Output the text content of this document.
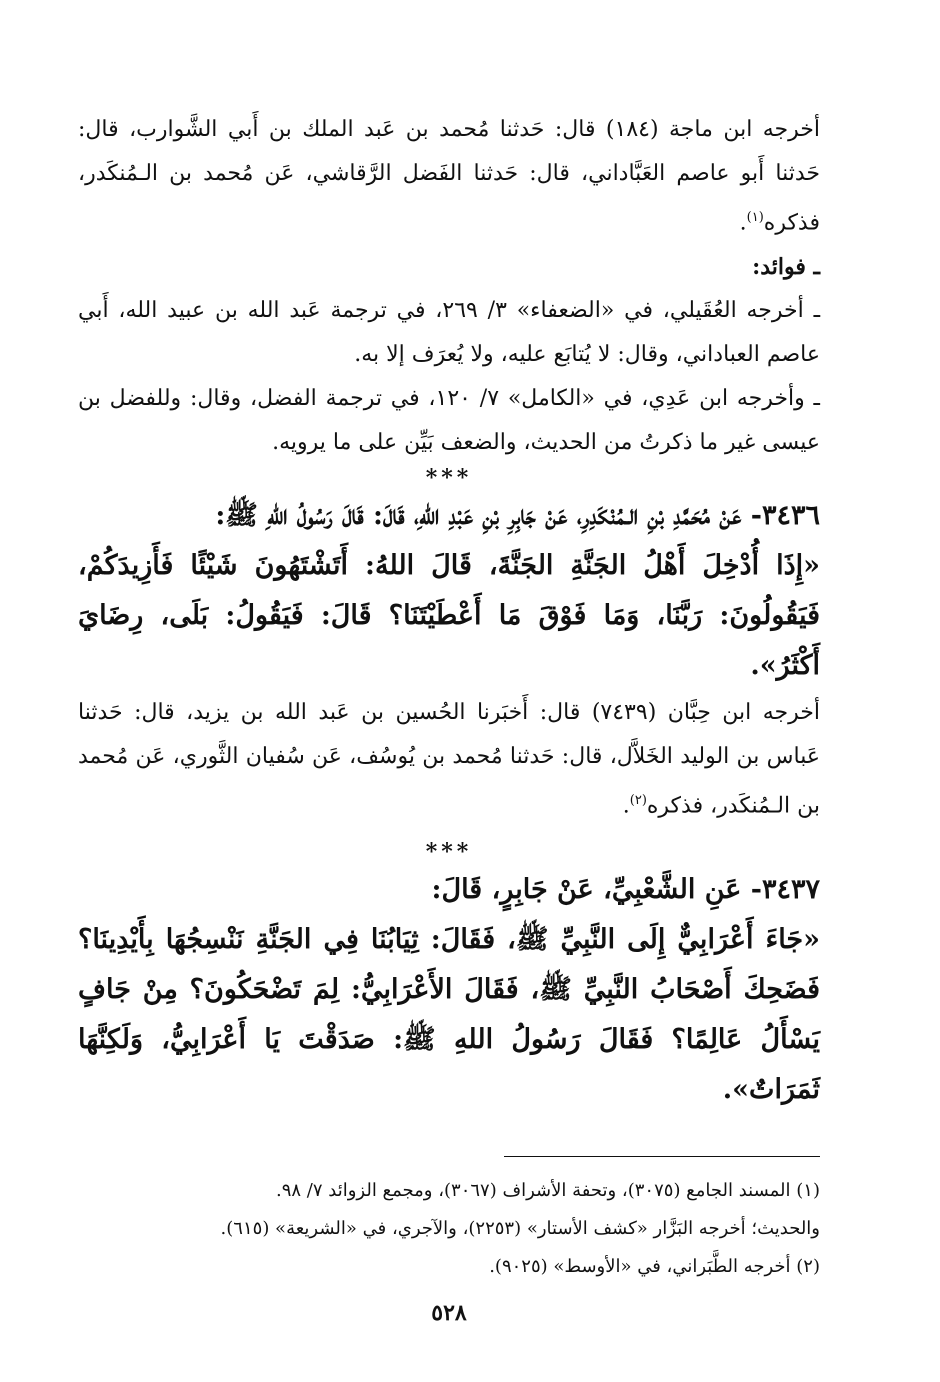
أخرجه ابن ماجة (١٨٤) قال: حَدثنا مُحمد بن عَبد الملك بن أَبي الشَّوارب، قال: حَدثنا أَبو عاصم العَبَّاداني، قال: حَدثنا الفَضل الرَّقاشي، عَن مُحمد بن الـمُنكَدر، فذكره$^{(١)}$.

ـ فوائد:

ـ أخرجه العُقَيلي، في «الضعفاء» ٣/ ٢٦٩، في ترجمة عَبد الله بن عبيد الله، أَبي عاصم العباداني، وقال: لا يُتابَع عليه، ولا يُعرَف إلا به.

ـ وأخرجه ابن عَدِي، في «الكامل» ٧/ ١٢٠، في ترجمة الفضل، وقال: وللفضل بن عيسى غير ما ذكرتُ من الحديث، والضعف بَيِّن على ما يرويه.

***

٣٤٣٦- عَنْ مُحَمَّدِ بْنِ الـمُنْكَدِرِ، عَنْ جَابِرِ بْنِ عَبْدِ اللهِ، قَالَ: قَالَ رَسُولُ اللهِ ﷺ:

«إِذَا أُدْخِلَ أَهْلُ الجَنَّةِ الجَنَّةَ، قَالَ اللهُ: أَتَشْتَهُونَ شَيْئًا فَأَزِيدَكُمْ، فَيَقُولُونَ: رَبَّنَا، وَمَا فَوْقَ مَا أَعْطَيْتَنَا؟ قَالَ: فَيَقُولُ: بَلَى، رِضَايَ أَكْثَرُ».

أخرجه ابن حِبَّان (٧٤٣٩) قال: أَخبَرنا الحُسين بن عَبد الله بن يزيد، قال: حَدثنا عَباس بن الوليد الخَلاَّل، قال: حَدثنا مُحمد بن يُوسُف، عَن سُفيان الثَّوري، عَن مُحمد بن الـمُنكَدر، فذكره$^{(٢)}$.

***

٣٤٣٧- عَنِ الشَّعْبِيِّ، عَنْ جَابِرٍ، قَالَ:

«جَاءَ أَعْرَابِيٌّ إِلَى النَّبِيِّ ﷺ، فَقَالَ: ثِيَابُنَا فِي الجَنَّةِ نَنْسِجُهَا بِأَيْدِينَا؟ فَضَحِكَ أَصْحَابُ النَّبِيِّ ﷺ، فَقَالَ الأَعْرَابِيُّ: لِمَ تَضْحَكُونَ؟ مِنْ جَافٍ يَسْأَلُ عَالِمًا؟ فَقَالَ رَسُولُ اللهِ ﷺ: صَدَقْتَ يَا أَعْرَابِيُّ، وَلَكِنَّهَا ثَمَرَاتٌ».

(١) المسند الجامع (٣٠٧٥)، وتحفة الأشراف (٣٠٦٧)، ومجمع الزوائد ٧/ ٩٨.

والحديث؛ أخرجه البَزَّار «كشف الأستار» (٢٢٥٣)، والآجري، في «الشريعة» (٦١٥).

(٢) أخرجه الطَّبَراني، في «الأوسط» (٩٠٢٥).

٥٢٨
